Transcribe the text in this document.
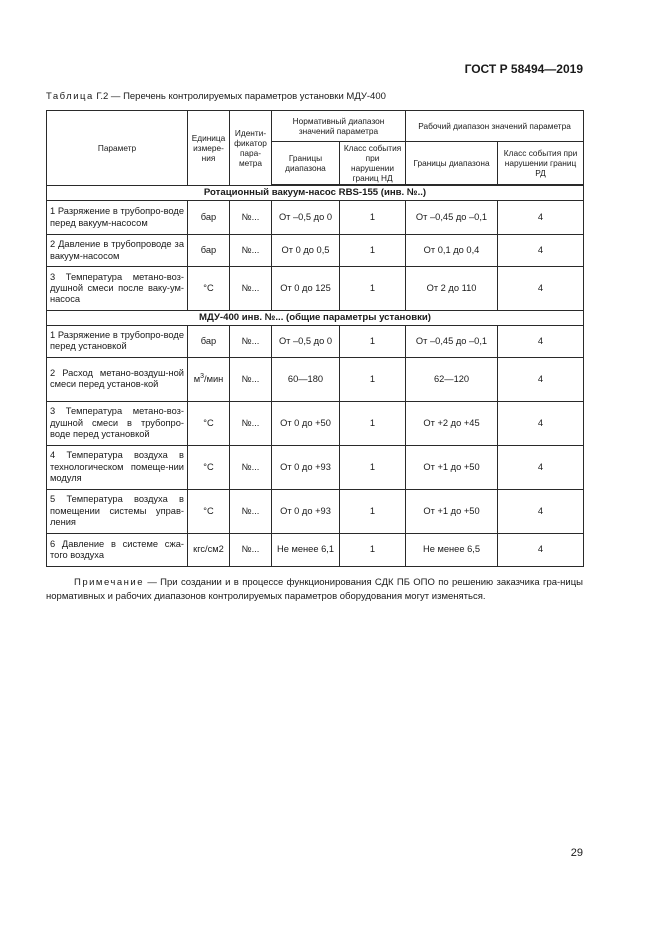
ГОСТ Р 58494—2019
Таблица Г.2 — Перечень контролируемых параметров установки МДУ-400
Параметр	Единица измере-ния	Иденти-фикатор пара-метра	Нормативный диапазон значений параметра		Рабочий диапазон значений параметра	
			Границы диапазона	Класс события при нарушении границ НД	Границы диапазона	Класс события при нарушении границ РД
Ротационный вакуум-насос RBS-155 (инв. №..)						
1 Разряжение в трубопро-воде перед вакуум-насосом	бар	№...	От –0,5 до 0	1	От –0,45 до –0,1	4
2 Давление в трубопроводе за вакуум-насосом	бар	№...	От 0 до 0,5	1	От 0,1 до 0,4	4
3 Температура метано-воз-душной смеси после ваку-ум-насоса	°С	№...	От 0 до 125	1	От 2 до 110	4
МДУ-400 инв. №... (общие параметры установки)						
1 Разряжение в трубопро-воде перед установкой	бар	№...	От –0,5 до 0	1	От –0,45 до –0,1	4
2 Расход метано-воздуш-ной смеси перед установ-кой	$м^3$/мин	№...	60—180	1	62—120	4
3 Температура метано-воз-душной смеси в трубопро-воде перед установкой	°С	№...	От 0 до +50	1	От +2 до +45	4
4 Температура воздуха в технологическом помеще-нии модуля	°С	№...	От 0 до +93	1	От +1 до +50	4
5 Температура воздуха в помещении системы управ-ления	°С	№...	От 0 до +93	1	От +1 до +50	4
6 Давление в системе сжа-того воздуха	кгс/см2	№...	Не менее 6,1	1	Не менее 6,5	4
Примечание — При создании и в процессе функционирования СДК ПБ ОПО по решению заказчика гра-ницы нормативных и рабочих диапазонов контролируемых параметров оборудования могут изменяться.
29
